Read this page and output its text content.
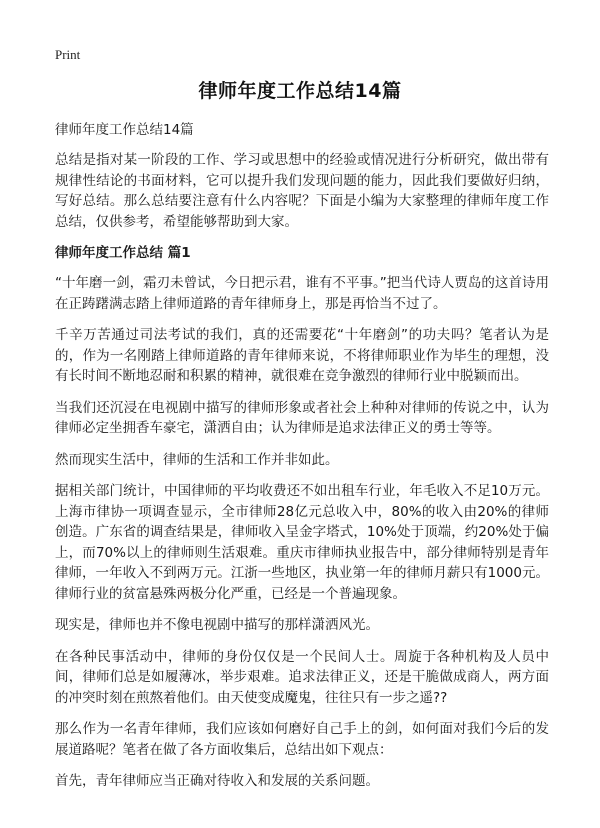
Print
律师年度工作总结14篇
律师年度工作总结14篇

总结是指对某一阶段的工作、学习或思想中的经验或情况进行分析研究，做出带有规律性结论的书面材料，它可以提升我们发现问题的能力，因此我们要做好归纳，写好总结。那么总结要注意有什么内容呢？下面是小编为大家整理的律师年度工作总结，仅供参考，希望能够帮助到大家。

律师年度工作总结 篇1

“十年磨一剑，霜刃未曾试，今日把示君，谁有不平事。”把当代诗人贾岛的这首诗用在正踌躇满志踏上律师道路的青年律师身上，那是再恰当不过了。

千辛万苦通过司法考试的我们，真的还需要花“十年磨剑”的功夫吗？笔者认为是的，作为一名刚踏上律师道路的青年律师来说，不将律师职业作为毕生的理想，没有长时间不断地忍耐和积累的精神，就很难在竞争激烈的律师行业中脱颖而出。

当我们还沉浸在电视剧中描写的律师形象或者社会上种种对律师的传说之中，认为律师必定坐拥香车豪宅，潇洒自由；认为律师是追求法律正义的勇士等等。

然而现实生活中，律师的生活和工作并非如此。

据相关部门统计，中国律师的平均收费还不如出租车行业，年毛收入不足10万元。上海市律协一项调查显示，全市律师28亿元总收入中，80%的收入由20%的律师创造。广东省的调查结果是，律师收入呈金字塔式，10%处于顶端，约20%处于偏上，而70%以上的律师则生活艰难。重庆市律师执业报告中，部分律师特别是青年律师，一年收入不到两万元。江浙一些地区，执业第一年的律师月薪只有1000元。律师行业的贫富悬殊两极分化严重，已经是一个普遍现象。

现实是，律师也并不像电视剧中描写的那样潇洒风光。

在各种民事活动中，律师的身份仅仅是一个民间人士。周旋于各种机构及人员中间，律师们总是如履薄冰，举步艰难。追求法律正义，还是干脆做成商人，两方面的冲突时刻在煎熬着他们。由天使变成魔鬼，往往只有一步之遥??

那么作为一名青年律师，我们应该如何磨好自己手上的剑，如何面对我们今后的发展道路呢？笔者在做了各方面收集后，总结出如下观点：

首先，青年律师应当正确对待收入和发展的关系问题。
